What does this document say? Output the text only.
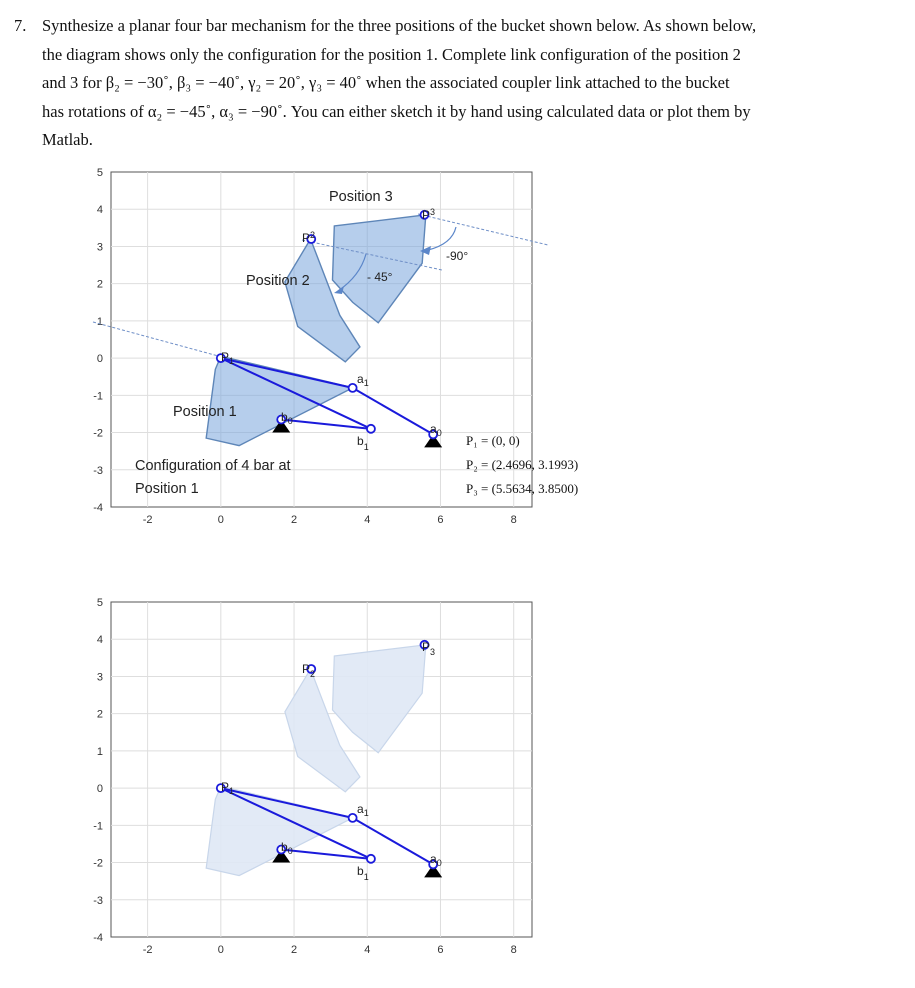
7. Synthesize a planar four bar mechanism for the three positions of the bucket shown below. As shown below,

the diagram shows only the configuration for the position 1. Complete link configuration of the position 2

and 3 for β₂ = −30˚, β₃ = −40˚, γ₂ = 20˚, γ₃ = 40˚ when the associated coupler link attached to the bucket

has rotations of α₂ = −45˚, α₃ = −90˚. You can either sketch it by hand using calculated data or plot them by

Matlab.

-2	0	2	4	6	8
5
4
3
2
1
0
-1
-2
-3
-4
Position 3
Position 2
Position 1
- 45°
-90°
Configuration of 4 bar at
Position 1
$P^2$
$P^3$
$a_1$
$b_1$
$a_0$
$b_0$
$P_1$
P₁ = (0, 0)
P₂ = (2.4696, 3.1993)
P₃ = (5.5634, 3.8500)
-2	0	2	4	6	8
5
4
3
2
1
0
-1
-2
-3
-4
$P_2$
$P_3$
$a_1$
$b_1$
$a_0$
$b_0$
$P_1$
